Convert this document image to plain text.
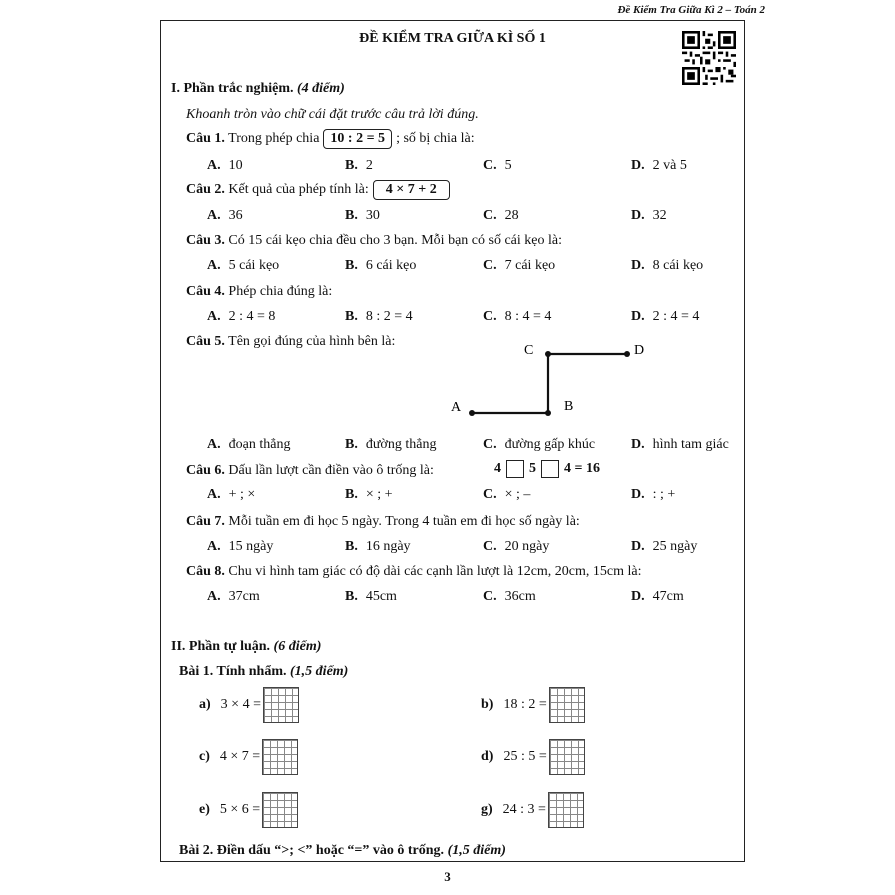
Đề Kiểm Tra Giữa Kì 2 – Toán 2
ĐỀ KIỂM TRA GIỮA KÌ SỐ 1
I. Phần trắc nghiệm. (4 điểm)
Khoanh tròn vào chữ cái đặt trước câu trả lời đúng.
Câu 1. Trong phép chia 10 : 2 = 5 ; số bị chia là:
A. 10	B. 2	C. 5	D. 2 và 5
Câu 2. Kết quả của phép tính là: 4 × 7 + 2
A. 36	B. 30	C. 28	D. 32
Câu 3. Có 15 cái kẹo chia đều cho 3 bạn. Mỗi bạn có số cái kẹo là:
A. 5 cái kẹo	B. 6 cái kẹo	C. 7 cái kẹo	D. 8 cái kẹo
Câu 4. Phép chia đúng là:
A. 2 : 4 = 8	B. 8 : 2 = 4	C. 8 : 4 = 4	D. 2 : 4 = 4
Câu 5. Tên gọi đúng của hình bên là:
A	B
C	D
A. đoạn thẳng	B. đường thẳng	C. đường gấp khúc	D. hình tam giác
Câu 6. Dấu lần lượt cần điền vào ô trống là:	4 5 4 = 16
A. + ; ×	B. × ; +	C. × ; –	D. : ; +
Câu 7. Mỗi tuần em đi học 5 ngày. Trong 4 tuần em đi học số ngày là:
A. 15 ngày	B. 16 ngày	C. 20 ngày	D. 25 ngày
Câu 8. Chu vi hình tam giác có độ dài các cạnh lần lượt là 12cm, 20cm, 15cm là:
A. 37cm	B. 45cm	C. 36cm	D. 47cm
II. Phần tự luận. (6 điểm)
Bài 1. Tính nhẩm. (1,5 điểm)
a) 3 × 4 =	b) 18 : 2 =
c) 4 × 7 =	d) 25 : 5 =
e) 5 × 6 =	g) 24 : 3 =
Bài 2. Điền dấu “>; <” hoặc “=” vào ô trống. (1,5 điểm)
3
